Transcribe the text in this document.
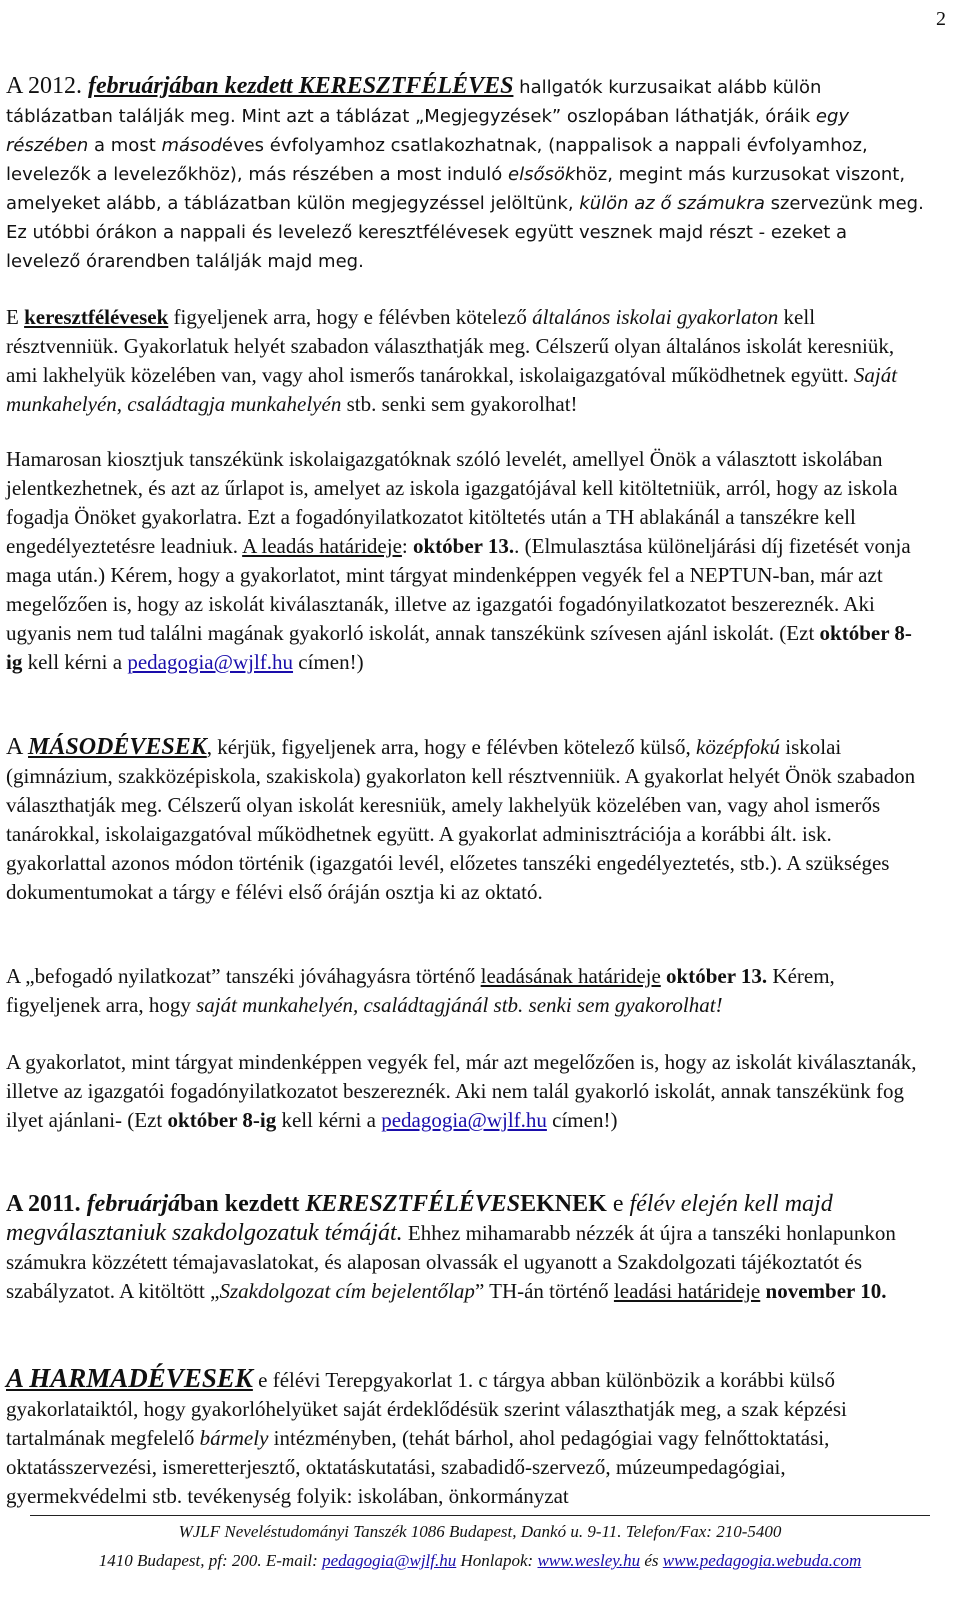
2
A 2012. februárjában kezdett KERESZTFÉLÉVES hallgatók kurzusaikat alább külön táblázatban találják meg. Mint azt a táblázat „Megjegyzések” oszlopában láthatják, óráik egy részében a most másodéves évfolyamhoz csatlakozhatnak, (nappalisok a nappali évfolyamhoz, levelezők a levelezőkhöz), más részében a most induló elsősökhöz, megint más kurzusokat viszont, amelyeket alább, a táblázatban külön megjegyzéssel jelöltünk, külön az ő számukra szervezünk meg. Ez utóbbi órákon a nappali és levelező keresztfélévesek együtt vesznek majd részt - ezeket a levelező órarendben találják majd meg.
E keresztfélévesek figyeljenek arra, hogy e félévben kötelező általános iskolai gyakorlaton kell résztvenniük. Gyakorlatuk helyét szabadon választhatják meg. Célszerű olyan általános iskolát keresniük, ami lakhelyük közelében van, vagy ahol ismerős tanárokkal, iskolaigazgatóval működhetnek együtt. Saját munkahelyén, családtagja munkahelyén stb. senki sem gyakorolhat!
Hamarosan kiosztjuk tanszékünk iskolaigazgatóknak szóló levelét, amellyel Önök a választott iskolában jelentkezhetnek, és azt az űrlapot is, amelyet az iskola igazgatójával kell kitöltetniük, arról, hogy az iskola fogadja Önöket gyakorlatra. Ezt a fogadónyilatkozatot kitöltetés után a TH ablakánál a tanszékre kell engedélyeztetésre leadniuk. A leadás határideje: október 13.. (Elmulasztása különeljárási díj fizetését vonja maga után.) Kérem, hogy a gyakorlatot, mint tárgyat mindenképpen vegyék fel a NEPTUN-ban, már azt megelőzően is, hogy az iskolát kiválasztanák, illetve az igazgatói fogadónyilatkozatot beszereznék. Aki ugyanis nem tud találni magának gyakorló iskolát, annak tanszékünk szívesen ajánl iskolát. (Ezt október 8-ig kell kérni a pedagogia@wjlf.hu címen!)
A MÁSODÉVESEK, kérjük, figyeljenek arra, hogy e félévben kötelező külső, középfokú iskolai (gimnázium, szakközépiskola, szakiskola) gyakorlaton kell résztvenniük. A gyakorlat helyét Önök szabadon választhatják meg. Célszerű olyan iskolát keresniük, amely lakhelyük közelében van, vagy ahol ismerős tanárokkal, iskolaigazgatóval működhetnek együtt. A gyakorlat adminisztrációja a korábbi ált. isk. gyakorlattal azonos módon történik (igazgatói levél, előzetes tanszéki engedélyeztetés, stb.). A szükséges dokumentumokat a tárgy e félévi első óráján osztja ki az oktató.
A „befogadó nyilatkozat” tanszéki jóváhagyásra történő leadásának határideje október 13. Kérem, figyeljenek arra, hogy saját munkahelyén, családtagjánál stb. senki sem gyakorolhat!
A gyakorlatot, mint tárgyat mindenképpen vegyék fel, már azt megelőzően is, hogy az iskolát kiválasztanák, illetve az igazgatói fogadónyilatkozatot beszereznék. Aki nem talál gyakorló iskolát, annak tanszékünk fog ilyet ajánlani- (Ezt október 8-ig kell kérni a pedagogia@wjlf.hu címen!)
A 2011. februárjában kezdett KERESZTFÉLÉVESEKNEK e félév elején kell majd megválasztaniuk szakdolgozatuk témáját. Ehhez mihamarabb nézzék át újra a tanszéki honlapunkon számukra közzétett témajavaslatokat, és alaposan olvassák el ugyanott a Szakdolgozati tájékoztatót és szabályzatot. A kitöltött „Szakdolgozat cím bejelentőlap” TH-án történő leadási határideje november 10.
A HARMADÉVESEK e félévi Terepgyakorlat 1. c tárgya abban különbözik a korábbi külső gyakorlataiktól, hogy gyakorlóhelyüket saját érdeklődésük szerint választhatják meg, a szak képzési tartalmának megfelelő bármely intézményben, (tehát bárhol, ahol pedagógiai vagy felnőttoktatási, oktatásszervezési, ismeretterjesztő, oktatáskutatási, szabadidő-szervező, múzeumpedagógiai, gyermekvédelmi stb. tevékenység folyik: iskolában, önkormányzat
WJLF Neveléstudományi Tanszék 1086 Budapest, Dankó u. 9-11. Telefon/Fax: 210-5400
1410 Budapest, pf: 200. E-mail: pedagogia@wjlf.hu Honlapok: www.wesley.hu és www.pedagogia.webuda.com
